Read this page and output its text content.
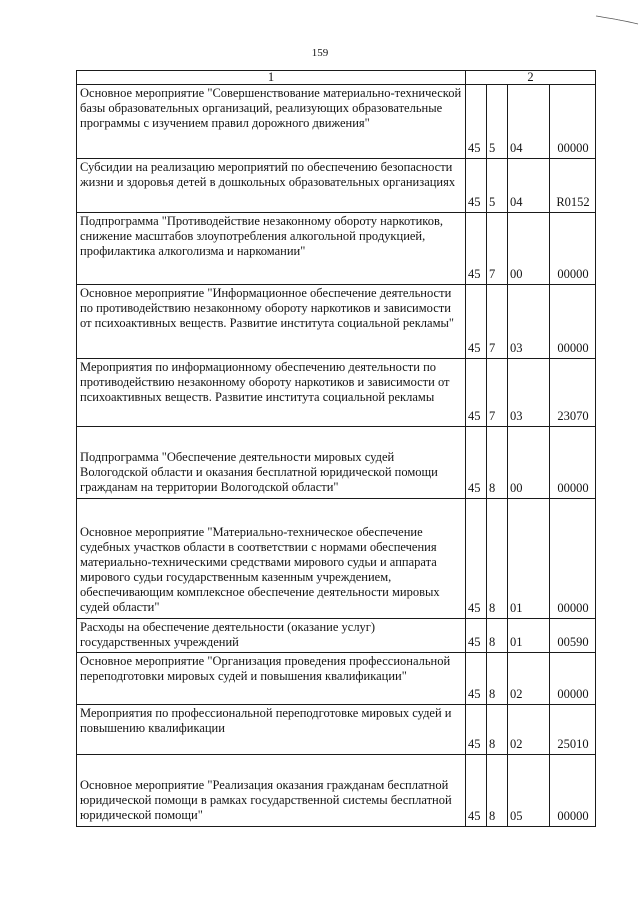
159
1	2			
Основное мероприятие "Совершенствование материально-технической базы образовательных организаций, реализующих образовательные программы с изучением правил дорожного движения"	45	5	04	00000
Субсидии на реализацию мероприятий по обеспечению безопасности жизни и здоровья детей в дошкольных образовательных организациях	45	5	04	R0152
Подпрограмма "Противодействие незаконному обороту наркотиков, снижение масштабов злоупотребления алкогольной продукцией, профилактика алкоголизма и наркомании"	45	7	00	00000
Основное мероприятие "Информационное обеспечение деятельности по противодействию незаконному обороту наркотиков и зависимости от психоактивных веществ. Развитие института социальной рекламы"	45	7	03	00000
Мероприятия по информационному обеспечению деятельности по противодействию незаконному обороту наркотиков и зависимости от психоактивных веществ. Развитие института социальной рекламы	45	7	03	23070
Подпрограмма "Обеспечение деятельности мировых судей Вологодской области и оказания бесплатной юридической помощи гражданам на территории Вологодской области"	45	8	00	00000
Основное мероприятие "Материально-техническое обеспечение судебных участков области в соответствии с нормами обеспечения материально-техническими средствами мирового судьи и аппарата мирового судьи государственным казенным учреждением, обеспечивающим комплексное обеспечение деятельности мировых судей области"	45	8	01	00000
Расходы на обеспечение деятельности (оказание услуг) государственных учреждений	45	8	01	00590
Основное мероприятие "Организация проведения профессиональной переподготовки мировых судей и повышения квалификации"	45	8	02	00000
Мероприятия по профессиональной переподготовке мировых судей и повышению квалификации	45	8	02	25010
Основное мероприятие "Реализация оказания гражданам бесплатной юридической помощи в рамках государственной системы бесплатной юридической помощи"	45	8	05	00000
